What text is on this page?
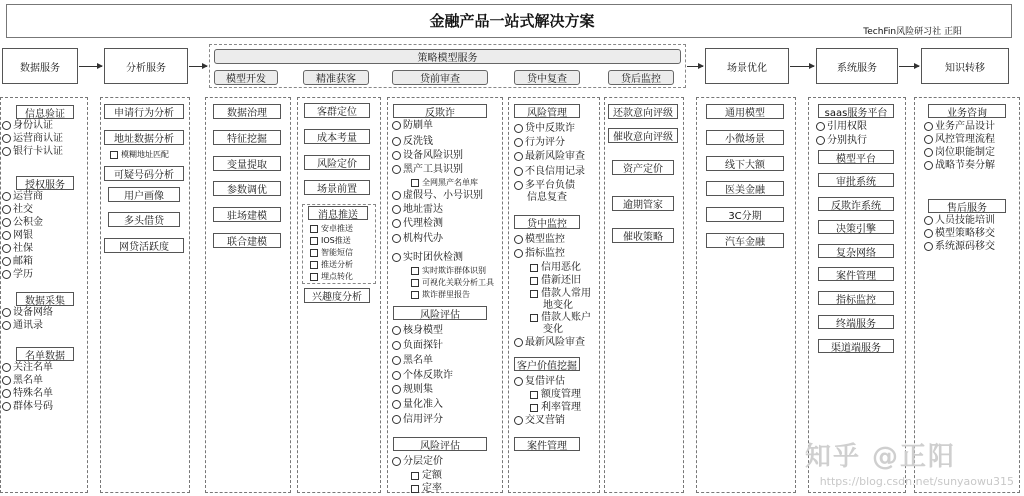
金融产品一站式解决方案
TechFin风险研习社 正阳
数据服务	分析服务
策略模型服务
模型开发	精准获客	贷前审查	贷中复查	贷后监控
场景优化	系统服务	知识转移
信息验证
身份认证
运营商认证
银行卡认证
授权服务
运营商
社交
公积金
网银
社保
邮箱
学历
数据采集
设备网络
通讯录
名单数据
关注名单
黑名单
特殊名单
群体号码
申请行为分析
地址数据分析
模糊地址匹配
可疑号码分析
用户画像
多头借贷
网贷活跃度
数据治理
特征挖掘
变量提取
参数调优
驻场建模
联合建模
客群定位
成本考量
风险定价
场景前置
消息推送
安卓推送
IOS推送
智能短信
推送分析
埋点转化
兴趣度分析
反欺诈
防刷单
反洗钱
设备风险识别
黑产工具识别
全网黑产名单库
虚假号、小号识别
地址雷达
代理检测
机构代办
实时团伙检测
实时欺诈群体识别
可视化关联分析工具
欺诈群里报告
风险评估
核身模型
负面探针
黑名单
个体反欺诈
规则集
量化准入
信用评分
风险评估
分层定价
定额
定率
风险管理
贷中反欺诈
行为评分
最新风险审查
不良信用记录
多平台负债
信息复查
贷中监控
模型监控
指标监控
信用恶化
借新还旧
借款人常用
地变化
借款人账户
变化
最新风险审查
客户价值挖掘
复借评估
额度管理
利率管理
交叉营销
案件管理
还款意向评级
催收意向评级
资产定价
逾期管家
催收策略
通用模型
小微场景
线下大额
医美金融
3C分期
汽车金融
saas服务平台
引用权限
分别执行
模型平台
审批系统
反欺诈系统
决策引擎
复杂网络
案件管理
指标监控
终端服务
渠道端服务
业务咨询
业务产品设计
风控管理流程
岗位职能制定
战略节奏分解
售后服务
人员技能培训
模型策略移交
系统源码移交
知乎 @正阳
https://blog.csdn.net/sunyaowu315
